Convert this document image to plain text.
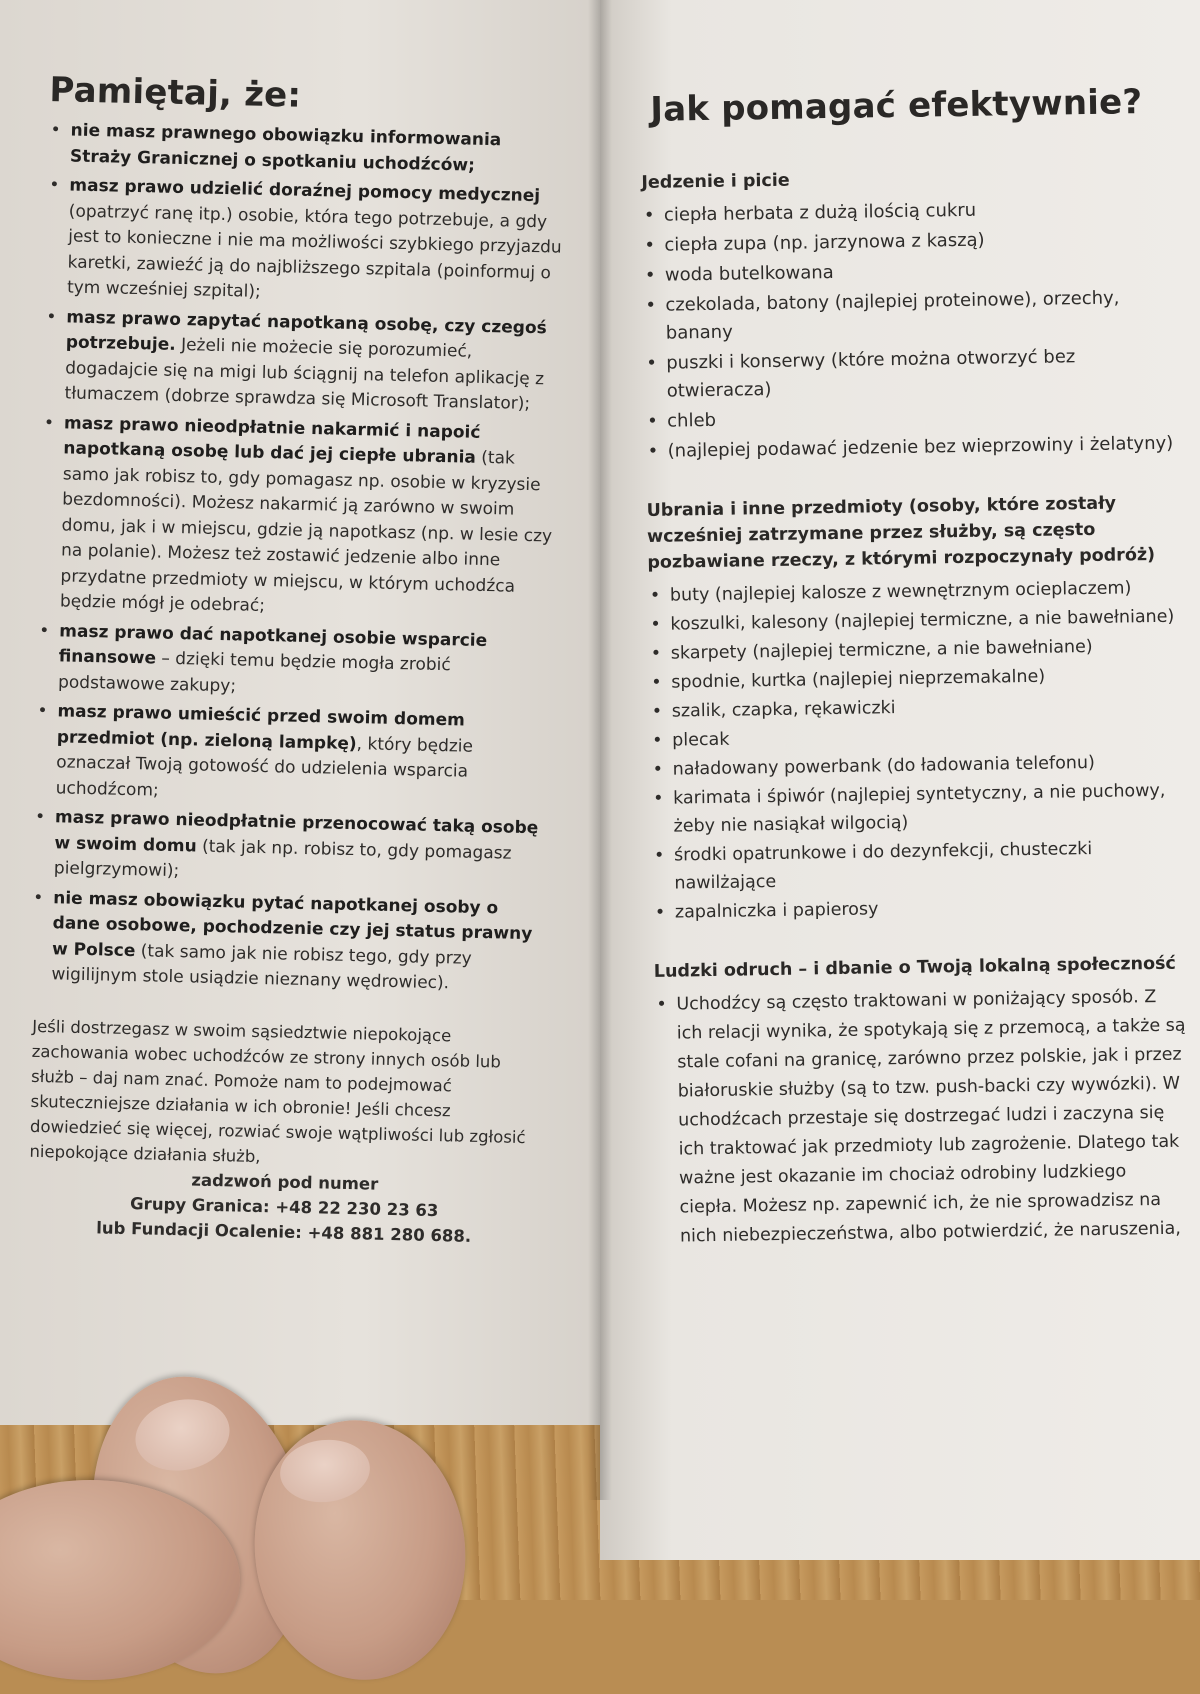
Pamiętaj, że:
• nie masz prawnego obowiązku informowania Straży Granicznej o spotkaniu uchodźców;
• masz prawo udzielić doraźnej pomocy medycznej (opatrzyć ranę itp.) osobie, która tego potrzebuje, a gdy jest to konieczne i nie ma możliwości szybkiego przyjazdu karetki, zawieźć ją do najbliższego szpitala (poinformuj o tym wcześniej szpital);
• masz prawo zapytać napotkaną osobę, czy czegoś potrzebuje. Jeżeli nie możecie się porozumieć, dogadajcie się na migi lub ściągnij na telefon aplikację z tłumaczem (dobrze sprawdza się Microsoft Translator);
• masz prawo nieodpłatnie nakarmić i napoić napotkaną osobę lub dać jej ciepłe ubrania (tak samo jak robisz to, gdy pomagasz np. osobie w kryzysie bezdomności). Możesz nakarmić ją zarówno w swoim domu, jak i w miejscu, gdzie ją napotkasz (np. w lesie czy na polanie). Możesz też zostawić jedzenie albo inne przydatne przedmioty w miejscu, w którym uchodźca będzie mógł je odebrać;
• masz prawo dać napotkanej osobie wsparcie finansowe – dzięki temu będzie mogła zrobić podstawowe zakupy;
• masz prawo umieścić przed swoim domem przedmiot (np. zieloną lampkę), który będzie oznaczał Twoją gotowość do udzielenia wsparcia uchodźcom;
• masz prawo nieodpłatnie przenocować taką osobę w swoim domu (tak jak np. robisz to, gdy pomagasz pielgrzymowi);
• nie masz obowiązku pytać napotkanej osoby o dane osobowe, pochodzenie czy jej status prawny w Polsce (tak samo jak nie robisz tego, gdy przy wigilijnym stole usiądzie nieznany wędrowiec).
Jeśli dostrzegasz w swoim sąsiedztwie niepokojące zachowania wobec uchodźców ze strony innych osób lub służb – daj nam znać. Pomoże nam to podejmować skuteczniejsze działania w ich obronie! Jeśli chcesz dowiedzieć się więcej, rozwiać swoje wątpliwości lub zgłosić niepokojące działania służb,
zadzwoń pod numer
Grupy Granica: +48 22 230 23 63
lub Fundacji Ocalenie: +48 881 280 688.
Jak pomagać efektywnie?
Jedzenie i picie
• ciepła herbata z dużą ilością cukru
• ciepła zupa (np. jarzynowa z kaszą)
• woda butelkowana
• czekolada, batony (najlepiej proteinowe), orzechy, banany
• puszki i konserwy (które można otworzyć bez otwieracza)
• chleb
• (najlepiej podawać jedzenie bez wieprzowiny i żelatyny)
Ubrania i inne przedmioty (osoby, które zostały wcześniej zatrzymane przez służby, są często pozbawiane rzeczy, z którymi rozpoczynały podróż)
• buty (najlepiej kalosze z wewnętrznym ocieplaczem)
• koszulki, kalesony (najlepiej termiczne, a nie bawełniane)
• skarpety (najlepiej termiczne, a nie bawełniane)
• spodnie, kurtka (najlepiej nieprzemakalne)
• szalik, czapka, rękawiczki
• plecak
• naładowany powerbank (do ładowania telefonu)
• karimata i śpiwór (najlepiej syntetyczny, a nie puchowy, żeby nie nasiąkał wilgocią)
• środki opatrunkowe i do dezynfekcji, chusteczki nawilżające
• zapalniczka i papierosy
Ludzki odruch – i dbanie o Twoją lokalną społeczność
• Uchodźcy są często traktowani w poniżający sposób. Z ich relacji wynika, że spotykają się z przemocą, a także są stale cofani na granicę, zarówno przez polskie, jak i przez białoruskie służby (są to tzw. push-backi czy wywózki). W uchodźcach przestaje się dostrzegać ludzi i zaczyna się ich traktować jak przedmioty lub zagrożenie. Dlatego tak ważne jest okazanie im chociaż odrobiny ludzkiego ciepła. Możesz np. zapewnić ich, że nie sprowadzisz na nich niebezpieczeństwa, albo potwierdzić, że naruszenia,
